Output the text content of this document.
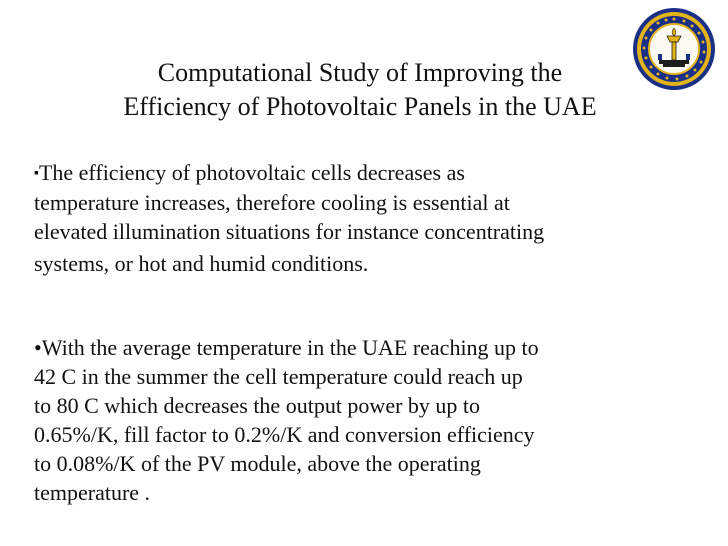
Computational Study of Improving the
Efficiency of Photovoltaic Panels in the UAE

▪The efficiency of photovoltaic cells decreases as
temperature increases, therefore cooling is essential at
elevated illumination situations for instance concentrating
systems, or hot and humid conditions.

•With the average temperature in the UAE reaching up to
42 C in the summer the cell temperature could reach up
to 80 C which decreases the output power by up to
0.65%/K, fill factor to 0.2%/K and conversion efficiency
to 0.08%/K of the PV module, above the operating
temperature .
